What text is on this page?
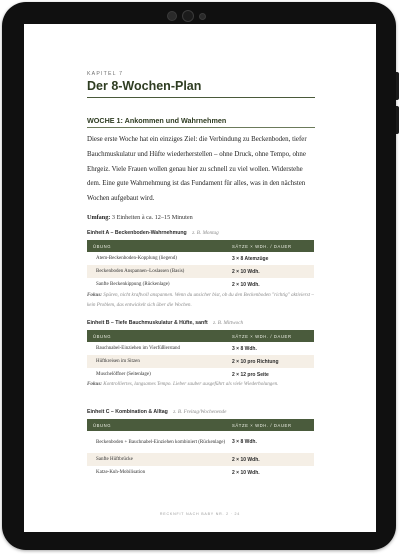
KAPITEL 7
Der 8-Wochen-Plan
WOCHE 1: Ankommen und Wahrnehmen

Diese erste Woche hat ein einziges Ziel: die Verbindung zu Beckenboden, tiefer Bauchmuskulatur und Hüfte wiederherstellen – ohne Druck, ohne Tempo, ohne Ehrgeiz. Viele Frauen wollen genau hier zu schnell zu viel wollen. Widerstehe dem. Eine gute Wahrnehmung ist das Fundament für alles, was in den nächsten Wochen aufgebaut wird.

Umfang: 3 Einheiten à ca. 12–15 Minuten
Einheit A – Beckenboden-Wahrnehmung z. B. Montag
ÜBUNG	SÄTZE × WDH. / DAUER
Atem-Beckenboden-Kopplung (liegend)	3 × 8 Atemzüge
Beckenboden Anspannen–Loslassen (Basis)	2 × 10 Wdh.
Sanfte Beckenkippung (Rückenlage)	2 × 10 Wdh.
Fokus: Spüren, nicht kraftvoll anspannen. Wenn du unsicher bist, ob du den Beckenboden "richtig" aktivierst – kein Problem, das entwickelt sich über die Wochen.
Einheit B – Tiefe Bauchmuskulatur & Hüfte, sanft z. B. Mittwoch
ÜBUNG	SÄTZE × WDH. / DAUER
Bauchnabel-Einziehen im Vierfüßlerstand	3 × 8 Wdh.
Hüftkreisen im Sitzen	2 × 10 pro Richtung
Muschelöffner (Seitenlage)	2 × 12 pro Seite
Fokus: Kontrolliertes, langsames Tempo. Lieber sauber ausgeführt als viele Wiederholungen.
Einheit C – Kombination & Alltag z. B. Freitag/Wochenende
ÜBUNG	SÄTZE × WDH. / DAUER
Beckenboden + Bauchnabel-Einziehen kombiniert (Rückenlage)	3 × 8 Wdh.
Sanfte Hüftbrücke	2 × 10 Wdh.
Katze-Kuh-Mobilisation	2 × 10 Wdh.
RECKNFIT NACH BABY NR. 2 · 24
